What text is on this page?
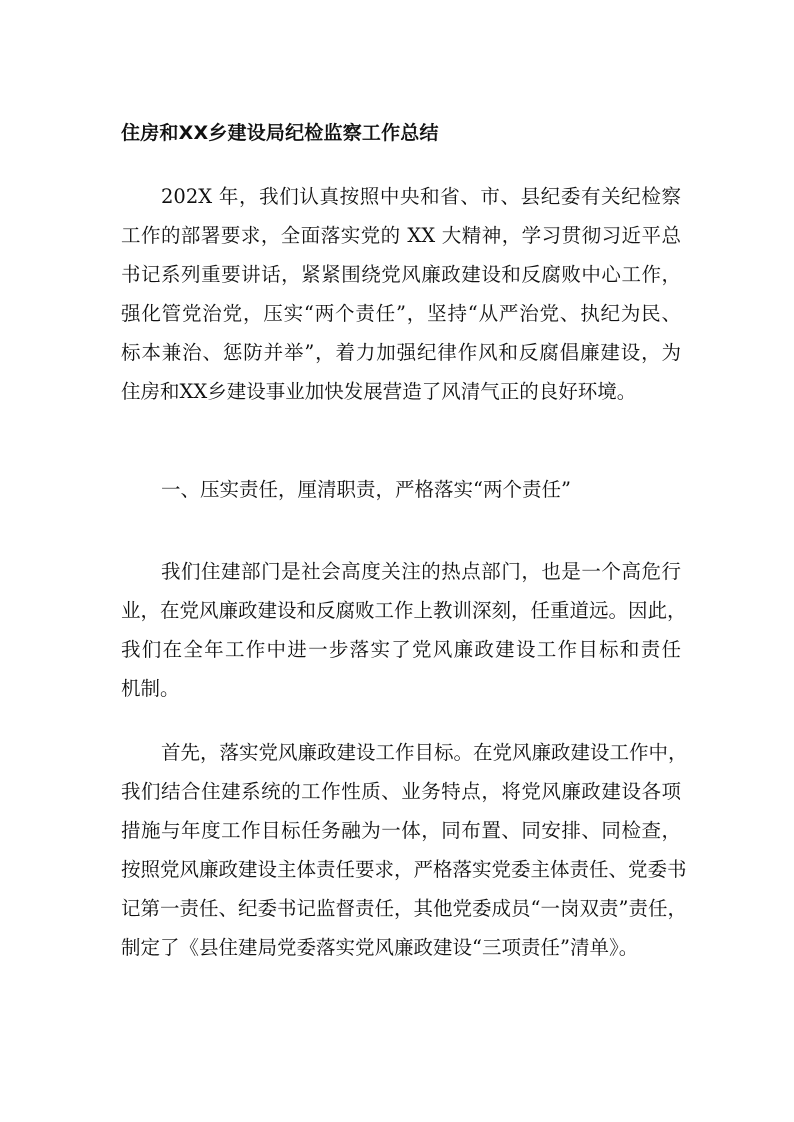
住房和XX乡建设局纪检监察工作总结
202X 年，我们认真按照中央和省、市、县纪委有关纪检察
工作的部署要求，全面落实党的 XX 大精神，学习贯彻习近平总
书记系列重要讲话，紧紧围绕党风廉政建设和反腐败中心工作，
强化管党治党，压实“两个责任”，坚持“从严治党、执纪为民、
标本兼治、惩防并举”，着力加强纪律作风和反腐倡廉建设，为
住房和XX乡建设事业加快发展营造了风清气正的良好环境。
一、压实责任，厘清职责，严格落实“两个责任”
我们住建部门是社会高度关注的热点部门，也是一个高危行
业，在党风廉政建设和反腐败工作上教训深刻，任重道远。因此，
我们在全年工作中进一步落实了党风廉政建设工作目标和责任
机制。
首先，落实党风廉政建设工作目标。在党风廉政建设工作中，
我们结合住建系统的工作性质、业务特点，将党风廉政建设各项
措施与年度工作目标任务融为一体，同布置、同安排、同检查，
按照党风廉政建设主体责任要求，严格落实党委主体责任、党委书
记第一责任、纪委书记监督责任，其他党委成员“一岗双责”责任，
制定了《县住建局党委落实党风廉政建设“三项责任”清单》。
